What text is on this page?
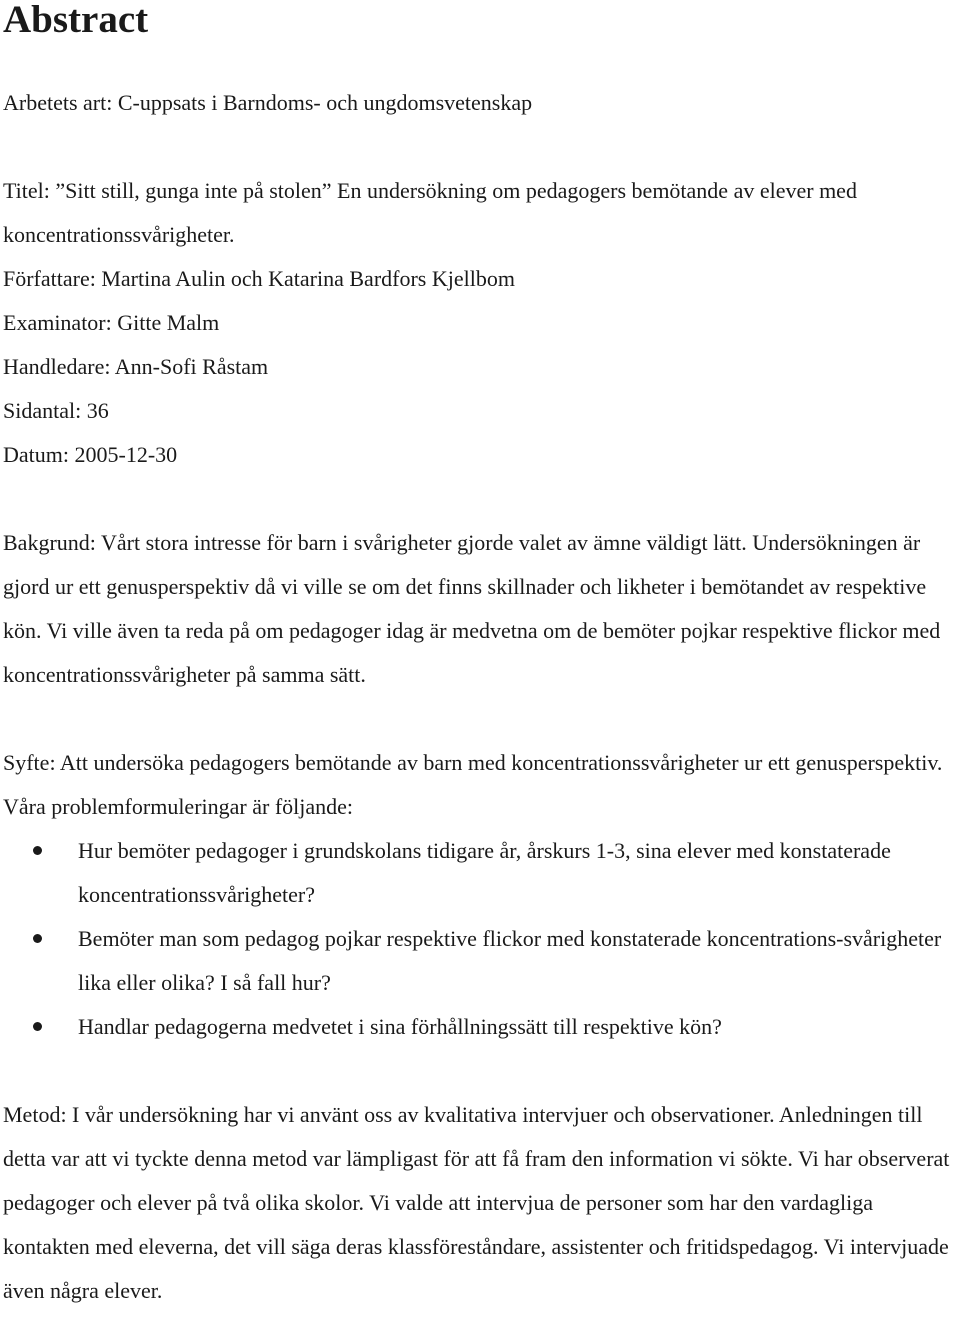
Abstract

Arbetets art: C-uppsats i Barndoms- och ungdomsvetenskap

Titel: ”Sitt still, gunga inte på stolen” En undersökning om pedagogers bemötande av elever med koncentrationssvårigheter.

Författare: Martina Aulin och Katarina Bardfors Kjellbom

Examinator: Gitte Malm

Handledare: Ann-Sofi Råstam

Sidantal: 36

Datum: 2005-12-30

Bakgrund: Vårt stora intresse för barn i svårigheter gjorde valet av ämne väldigt lätt. Undersökningen är gjord ur ett genusperspektiv då vi ville se om det finns skillnader och likheter i bemötandet av respektive kön. Vi ville även ta reda på om pedagoger idag är medvetna om de bemöter pojkar respektive flickor med koncentrationssvårigheter på samma sätt.

Syfte: Att undersöka pedagogers bemötande av barn med koncentrationssvårigheter ur ett genusperspektiv. Våra problemformuleringar är följande:

Hur bemöter pedagoger i grundskolans tidigare år, årskurs 1-3, sina elever med konstaterade koncentrationssvårigheter?
Bemöter man som pedagog pojkar respektive flickor med konstaterade koncentrations-svårigheter lika eller olika? I så fall hur?
Handlar pedagogerna medvetet i sina förhållningssätt till respektive kön?

Metod: I vår undersökning har vi använt oss av kvalitativa intervjuer och observationer. Anledningen till detta var att vi tyckte denna metod var lämpligast för att få fram den information vi sökte. Vi har observerat pedagoger och elever på två olika skolor. Vi valde att intervjua de personer som har den vardagliga kontakten med eleverna, det vill säga deras klassföreståndare, assistenter och fritidspedagog. Vi intervjuade även några elever.
